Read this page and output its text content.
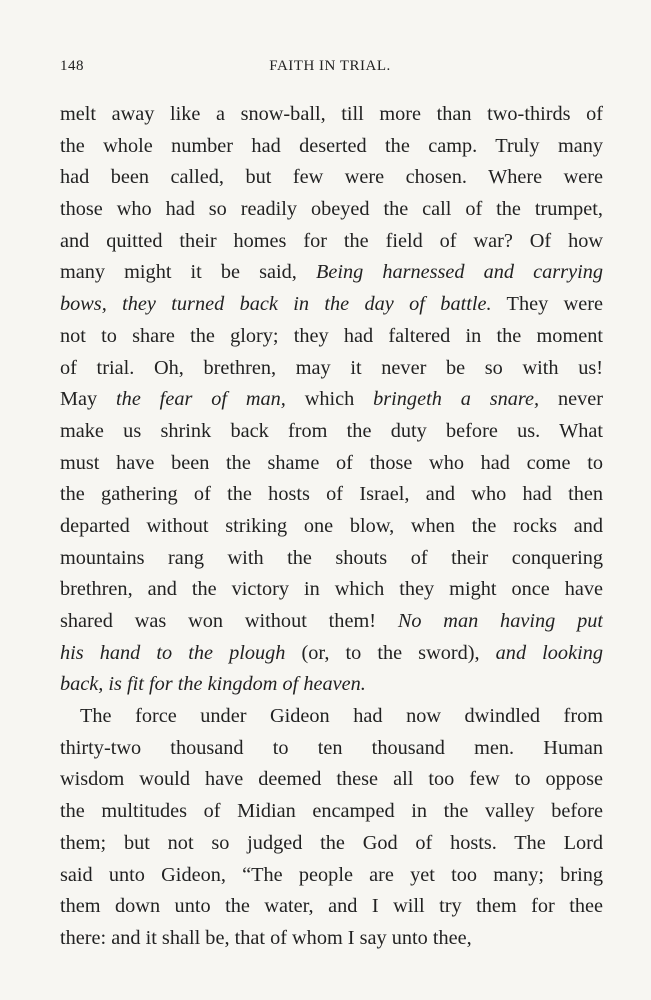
148	FAITH IN TRIAL.
melt away like a snow-ball, till more than two-thirds of
the whole number had deserted the camp. Truly many
had been called, but few were chosen. Where were
those who had so readily obeyed the call of the trumpet,
and quitted their homes for the field of war? Of how
many might it be said, Being harnessed and carrying
bows, they turned back in the day of battle. They were
not to share the glory; they had faltered in the moment
of trial. Oh, brethren, may it never be so with us!
May the fear of man, which bringeth a snare, never
make us shrink back from the duty before us. What
must have been the shame of those who had come to
the gathering of the hosts of Israel, and who had then
departed without striking one blow, when the rocks and
mountains rang with the shouts of their conquering
brethren, and the victory in which they might once have
shared was won without them! No man having put
his hand to the plough (or, to the sword), and looking
back, is fit for the kingdom of heaven.
The force under Gideon had now dwindled from
thirty-two thousand to ten thousand men. Human
wisdom would have deemed these all too few to oppose
the multitudes of Midian encamped in the valley before
them; but not so judged the God of hosts. The Lord
said unto Gideon, “The people are yet too many; bring
them down unto the water, and I will try them for thee
there: and it shall be, that of whom I say unto thee,
